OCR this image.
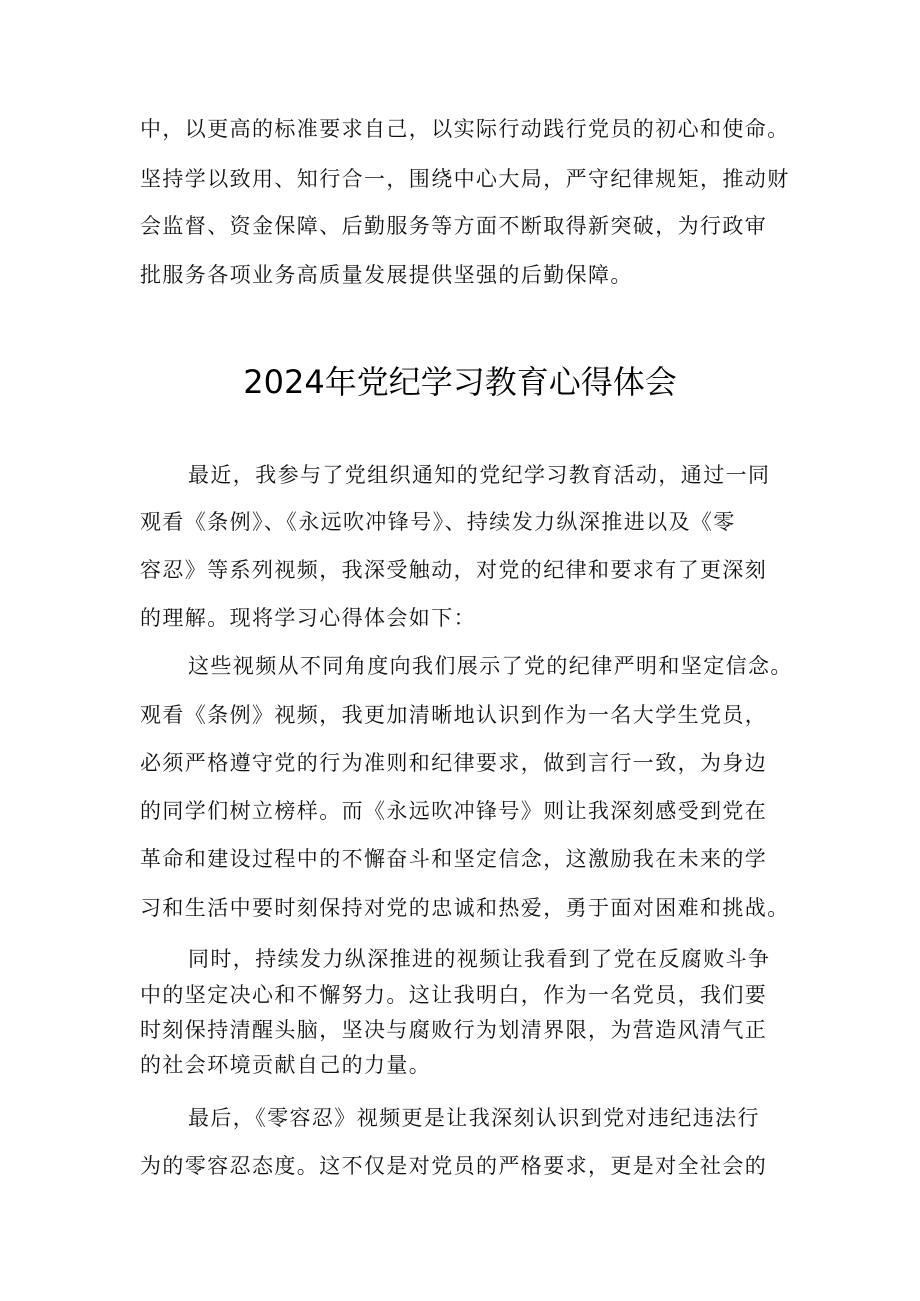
中，以更高的标准要求自己，以实际行动践行党员的初心和使命。
坚持学以致用、知行合一，围绕中心大局，严守纪律规矩，推动财
会监督、资金保障、后勤服务等方面不断取得新突破，为行政审
批服务各项业务高质量发展提供坚强的后勤保障。
2024年党纪学习教育心得体会
最近，我参与了党组织通知的党纪学习教育活动，通过一同
观看《条例》、《永远吹冲锋号》、持续发力纵深推进以及《零
容忍》等系列视频，我深受触动，对党的纪律和要求有了更深刻
的理解。现将学习心得体会如下：
这些视频从不同角度向我们展示了党的纪律严明和坚定信念。
观看《条例》视频，我更加清晰地认识到作为一名大学生党员，
必须严格遵守党的行为准则和纪律要求，做到言行一致，为身边
的同学们树立榜样。而《永远吹冲锋号》则让我深刻感受到党在
革命和建设过程中的不懈奋斗和坚定信念，这激励我在未来的学
习和生活中要时刻保持对党的忠诚和热爱，勇于面对困难和挑战。
同时，持续发力纵深推进的视频让我看到了党在反腐败斗争
中的坚定决心和不懈努力。这让我明白，作为一名党员，我们要
时刻保持清醒头脑，坚决与腐败行为划清界限，为营造风清气正
的社会环境贡献自己的力量。
最后，《零容忍》视频更是让我深刻认识到党对违纪违法行
为的零容忍态度。这不仅是对党员的严格要求，更是对全社会的
